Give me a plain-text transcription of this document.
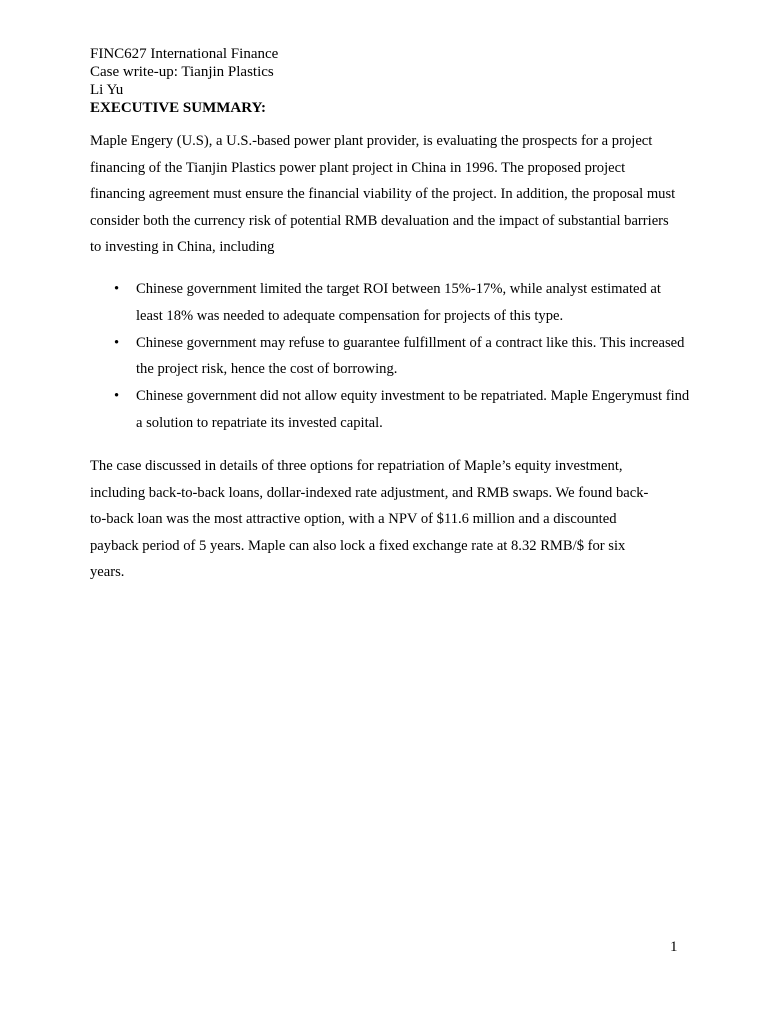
FINC627 International Finance
Case write-up: Tianjin Plastics
Li Yu
EXECUTIVE SUMMARY:

Maple Engery (U.S), a U.S.-based power plant provider, is evaluating the prospects for a project financing of the Tianjin Plastics power plant project in China in 1996. The proposed project financing agreement must ensure the financial viability of the project. In addition, the proposal must consider both the currency risk of potential RMB devaluation and the impact of substantial barriers to investing in China, including

• Chinese government limited the target ROI between 15%-17%, while analyst estimated at least 18% was needed to adequate compensation for projects of this type.
• Chinese government may refuse to guarantee fulfillment of a contract like this. This increased the project risk, hence the cost of borrowing.
• Chinese government did not allow equity investment to be repatriated. Maple Engerymust find a solution to repatriate its invested capital.

The case discussed in details of three options for repatriation of Maple’s equity investment, including back-to-back loans, dollar-indexed rate adjustment, and RMB swaps. We found back-to-back loan was the most attractive option, with a NPV of $11.6 million and a discounted payback period of 5 years. Maple can also lock a fixed exchange rate at 8.32 RMB/$ for six years.

1
